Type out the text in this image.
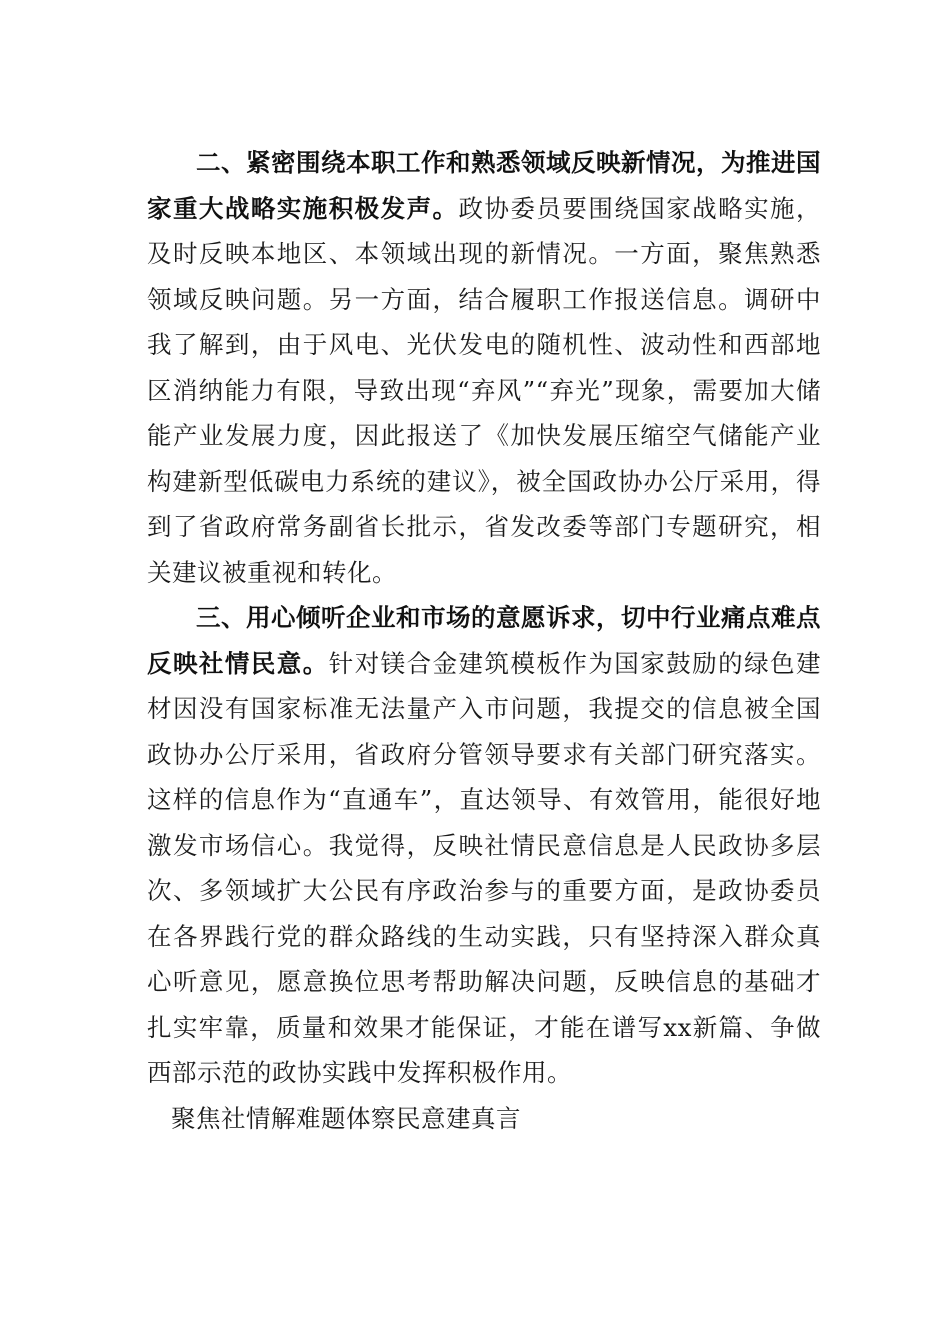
二、紧密围绕本职工作和熟悉领域反映新情况，为推进国家重大战略实施积极发声。政协委员要围绕国家战略实施，及时反映本地区、本领域出现的新情况。一方面，聚焦熟悉领域反映问题。另一方面，结合履职工作报送信息。调研中我了解到，由于风电、光伏发电的随机性、波动性和西部地区消纳能力有限，导致出现“弃风”“弃光”现象，需要加大储能产业发展力度，因此报送了《加快发展压缩空气储能产业构建新型低碳电力系统的建议》，被全国政协办公厅采用，得到了省政府常务副省长批示，省发改委等部门专题研究，相关建议被重视和转化。

三、用心倾听企业和市场的意愿诉求，切中行业痛点难点反映社情民意。针对镁合金建筑模板作为国家鼓励的绿色建材因没有国家标准无法量产入市问题，我提交的信息被全国政协办公厅采用，省政府分管领导要求有关部门研究落实。这样的信息作为“直通车”，直达领导、有效管用，能很好地激发市场信心。我觉得，反映社情民意信息是人民政协多层次、多领域扩大公民有序政治参与的重要方面，是政协委员在各界践行党的群众路线的生动实践，只有坚持深入群众真心听意见，愿意换位思考帮助解决问题，反映信息的基础才扎实牢靠，质量和效果才能保证，才能在谱写xx新篇、争做西部示范的政协实践中发挥积极作用。

聚焦社情解难题体察民意建真言
